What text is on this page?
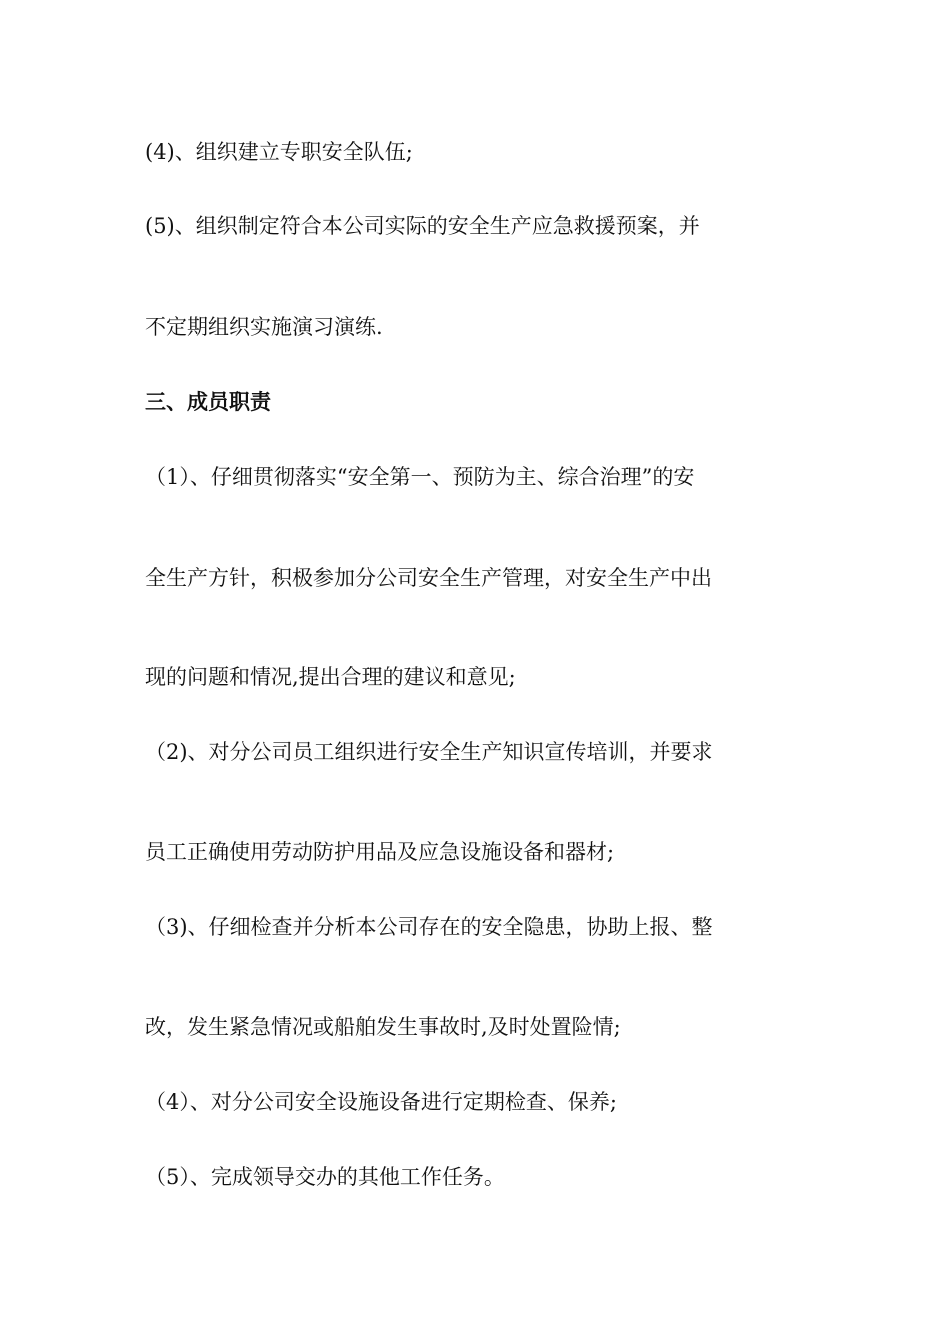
(4)、组织建立专职安全队伍;
(5)、组织制定符合本公司实际的安全生产应急救援预案，并
不定期组织实施演习演练.
三、成员职责
（1）、仔细贯彻落实“安全第一、预防为主、综合治理”的安
全生产方针，积极参加分公司安全生产管理，对安全生产中出
现的问题和情况,提出合理的建议和意见;
（2)、对分公司员工组织进行安全生产知识宣传培训，并要求
员工正确使用劳动防护用品及应急设施设备和器材;
（3)、仔细检查并分析本公司存在的安全隐患，协助上报、整
改，发生紧急情况或船舶发生事故时,及时处置险情;
（4）、对分公司安全设施设备进行定期检查、保养;
（5）、完成领导交办的其他工作任务。
